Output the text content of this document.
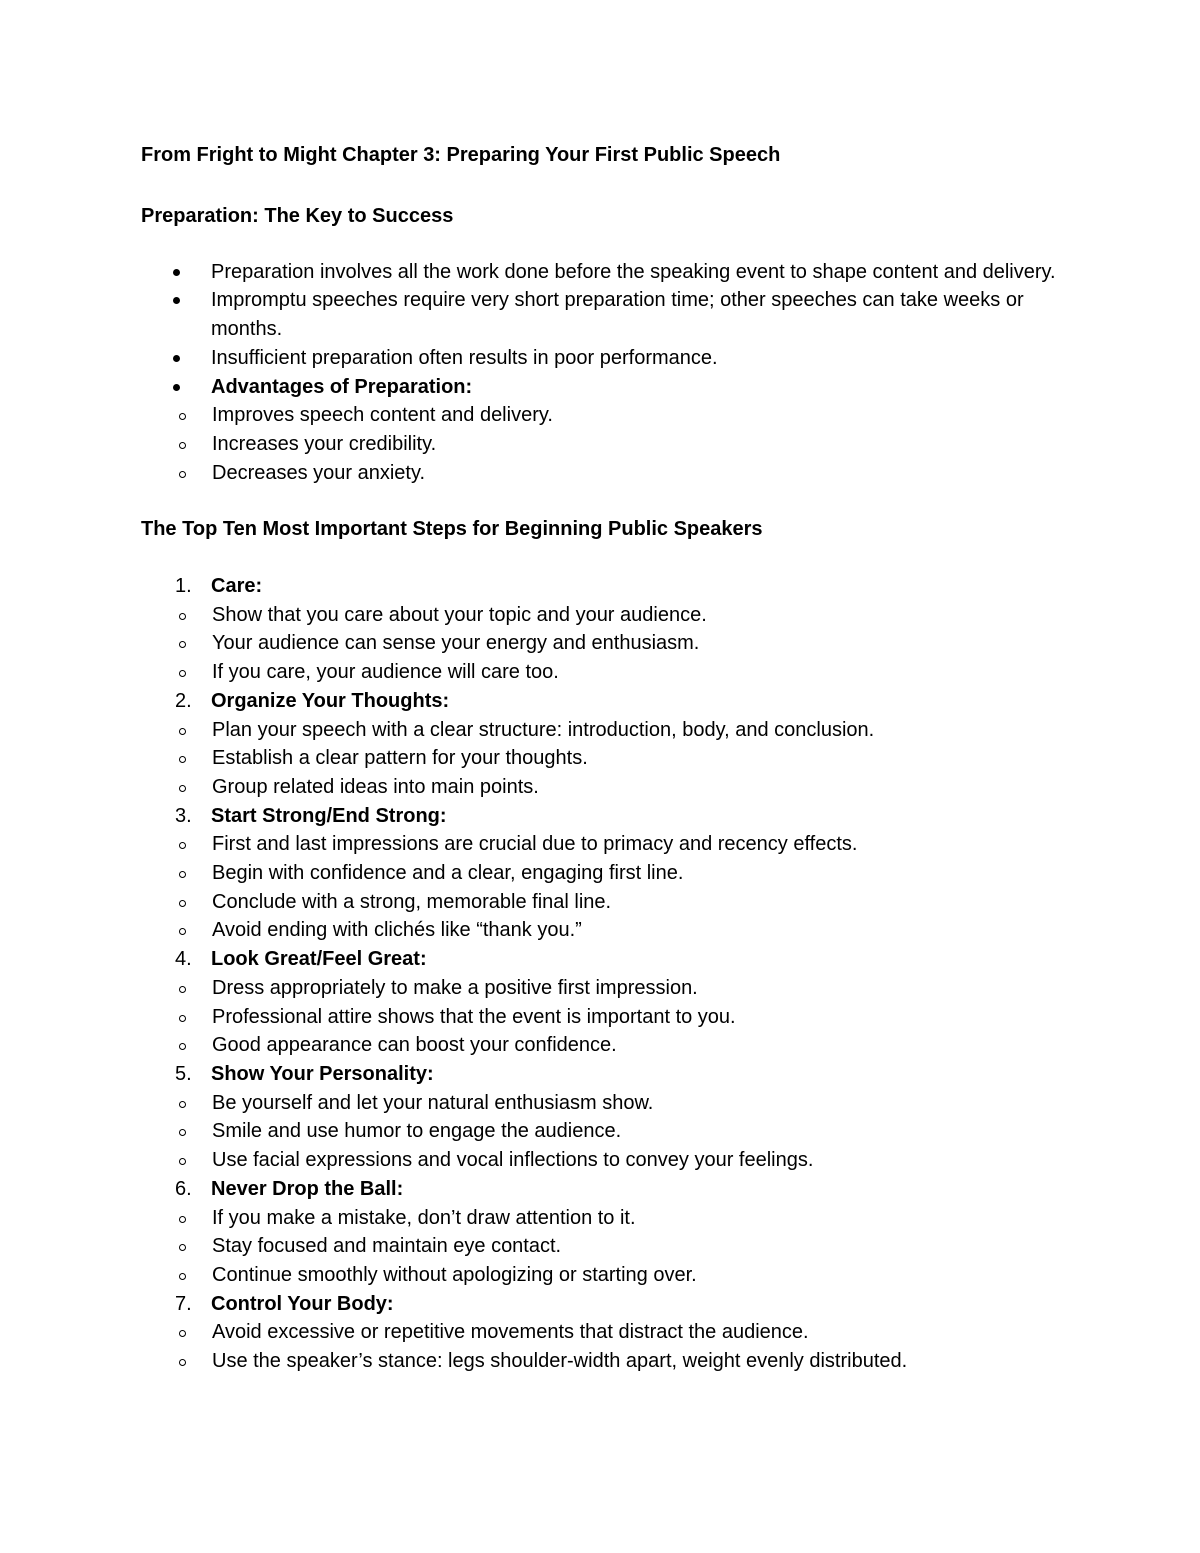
From Fright to Might Chapter 3: Preparing Your First Public Speech
Preparation: The Key to Success
Preparation involves all the work done before the speaking event to shape content and delivery.
Impromptu speeches require very short preparation time; other speeches can take weeks or months.
Insufficient preparation often results in poor performance.
Advantages of Preparation:
Improves speech content and delivery.
Increases your credibility.
Decreases your anxiety.
The Top Ten Most Important Steps for Beginning Public Speakers
1. Care:
Show that you care about your topic and your audience.
Your audience can sense your energy and enthusiasm.
If you care, your audience will care too.
2. Organize Your Thoughts:
Plan your speech with a clear structure: introduction, body, and conclusion.
Establish a clear pattern for your thoughts.
Group related ideas into main points.
3. Start Strong/End Strong:
First and last impressions are crucial due to primacy and recency effects.
Begin with confidence and a clear, engaging first line.
Conclude with a strong, memorable final line.
Avoid ending with clichés like “thank you.”
4. Look Great/Feel Great:
Dress appropriately to make a positive first impression.
Professional attire shows that the event is important to you.
Good appearance can boost your confidence.
5. Show Your Personality:
Be yourself and let your natural enthusiasm show.
Smile and use humor to engage the audience.
Use facial expressions and vocal inflections to convey your feelings.
6. Never Drop the Ball:
If you make a mistake, don’t draw attention to it.
Stay focused and maintain eye contact.
Continue smoothly without apologizing or starting over.
7. Control Your Body:
Avoid excessive or repetitive movements that distract the audience.
Use the speaker’s stance: legs shoulder-width apart, weight evenly distributed.
